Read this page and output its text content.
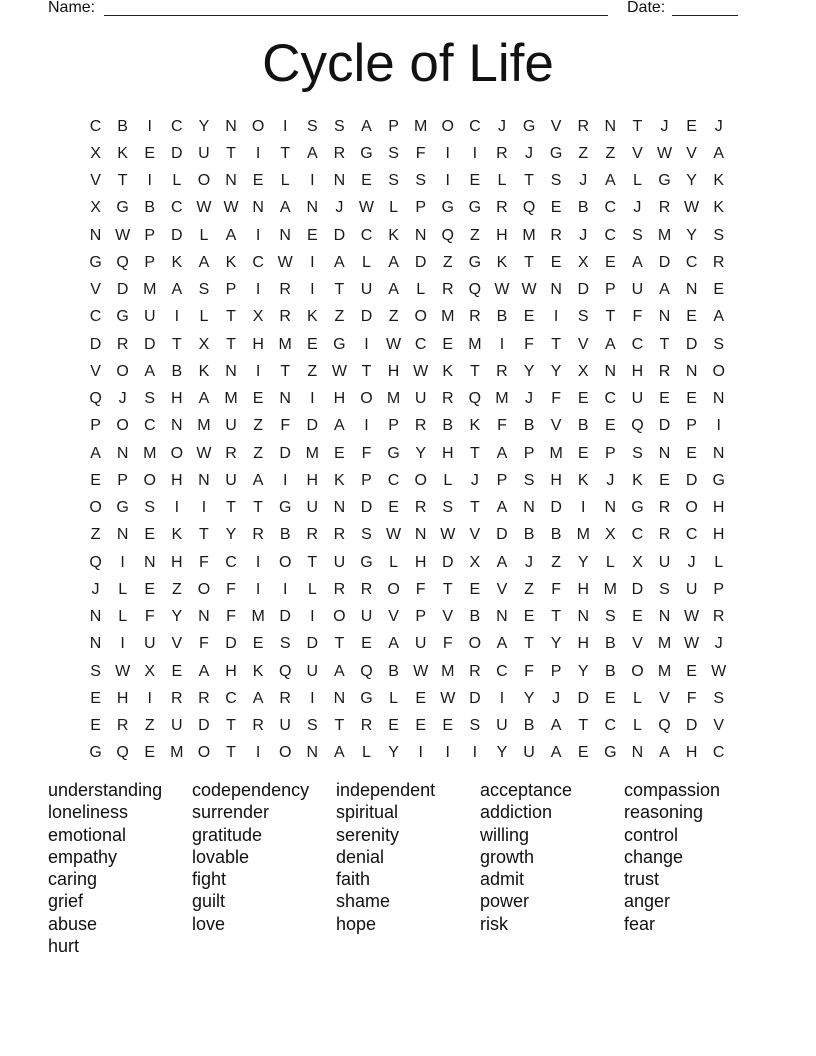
Name:	Date:
Cycle of Life
C B	I	C Y N O	I	S	S	A	P M O C	J	G V R N	T	J	E	J
X	K	E D U	T	I	T	A R G S	F	I	I	R	J	G Z	Z	V W V	A
V	T	I	L	O N E	L	I	N E	S	S	I	E	L	T	S	J	A	L	G Y	K
X G B C W W N A N	J W L	P G G R Q E	B C	J	R W K
N W P D	L	A	I	N E D C K N Q Z	H M R	J	C S M Y	S
G Q P	K	A	K C W	I	A	L	A D	Z G K	T	E	X	E	A D C R
V D M A	S	P	I	R	I	T	U A	L	R Q W W N D P U A N E
C G U	I	L	T	X R K	Z	D	Z O M R B	E	I	S	T	F	N E	A
D R D	T	X	T	H M E G	I	W C E M	I	F	T	V	A C	T	D S
V O A	B	K N	I	T	Z W T	H W K	T	R Y	Y	X N H R N O
Q	J	S H A M E N	I	H O M U R Q M	J	F	E C U E	E N
P O C N M U	Z	F	D A	I	P R B	K	F	B	V	B	E Q D P	I
A N M O W R	Z	D M E	F G Y H	T	A	P M E	P	S N E N
E	P O H N U A	I	H K	P C O	L	J	P	S H K	J	K	E D G
O G S	I	I	T	T G U N D E R S	T	A N D	I	N G R O H
Z	N E	K	T	Y R B R R S W N W V D B	B M X C R C H
Q	I	N H	F	C	I	O T	U G	L	H D X	A	J	Z	Y	L	X U	J	L
J	L	E	Z O F	I	I	L	R R O F	T	E	V	Z	F	H M D S U P
N	L	F	Y N	F M D	I	O U V	P	V	B N E	T	N S	E N W R
N	I	U V	F	D E	S D	T	E	A U	F O A	T	Y H B	V M W J
S W X	E	A H K Q U A Q B W M R C	F	P	Y	B O M E W
E H	I	R R C A R	I	N G	L	E W D	I	Y	J	D E	L	V	F	S
E R	Z	U D	T	R U S	T	R E	E	E	S U B	A	T	C	L	Q D V
G Q E M O T	I	O N A	L	Y	I	I	I	Y U A	E G N A H C
understanding
loneliness
emotional
empathy
caring
grief
abuse
hurt
codependency
surrender
gratitude
lovable
fight
guilt
love
independent
spiritual
serenity
denial
faith
shame
hope
acceptance
addiction
willing
growth
admit
power
risk
compassion
reasoning
control
change
trust
anger
fear
